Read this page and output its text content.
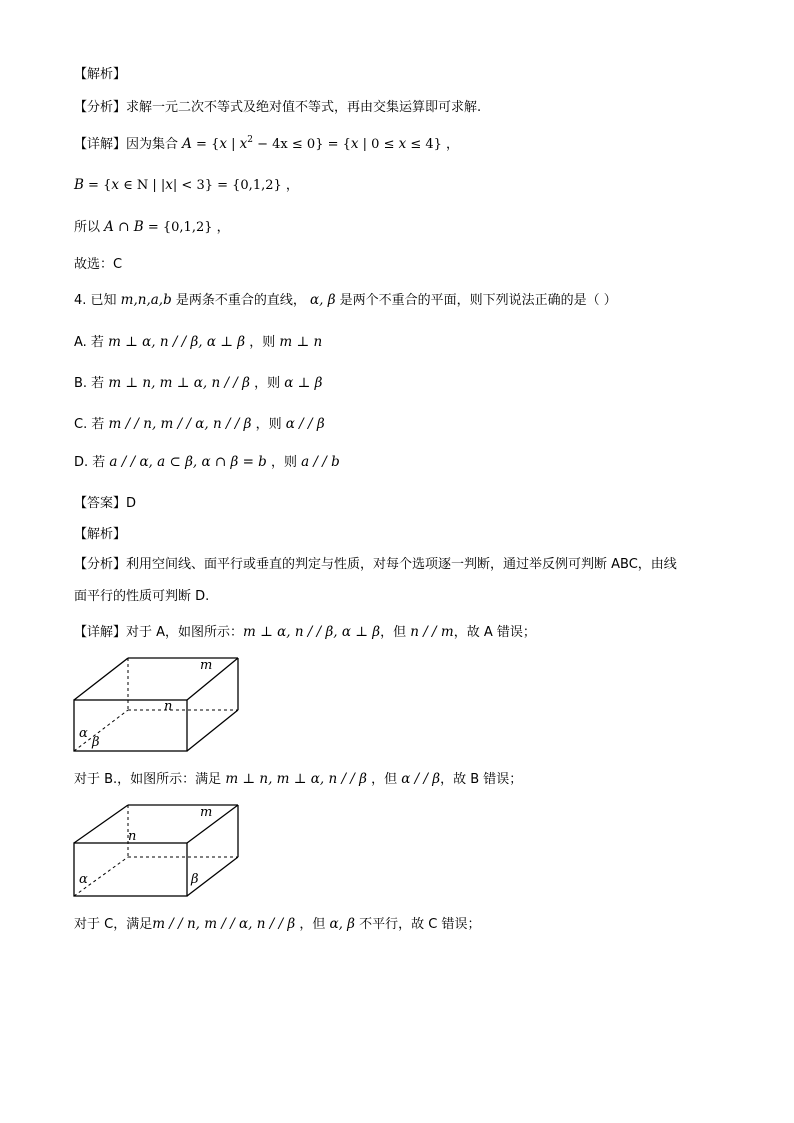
【解析】
【分析】求解一元二次不等式及绝对值不等式，再由交集运算即可求解.
【详解】因为集合 A = {x | $x^2 - 4x \le 0\} = \{x$ | 0 ≤ x ≤ 4} ，
B = {x ∈ N | |x| < 3} = {0,1,2} ，
所以 A ∩ B = {0,1,2} ，
故选：C
4. 已知 m,n,a,b 是两条不重合的直线， α, β 是两个不重合的平面，则下列说法正确的是（ ）
A. 若 m ⊥ α, n / / β, α ⊥ β ，则 m ⊥ n
B. 若 m ⊥ n, m ⊥ α, n / / β ，则 α ⊥ β
C. 若 m / / n, m / / α, n / / β ，则 α / / β
D. 若 a / / α, a ⊂ β, α ∩ β = b ，则 a / / b
【答案】D
【解析】
【分析】利用空间线、面平行或垂直的判定与性质，对每个选项逐一判断，通过举反例可判断 ABC，由线
面平行的性质可判断 D.
【详解】对于 A，如图所示：m ⊥ α, n / / β, α ⊥ β，但 n / / m，故 A 错误；
m
n
α
β
对于 B.，如图所示：满足 m ⊥ n, m ⊥ α, n / / β ，但 α / / β，故 B 错误；
m
n
α	β
对于 C，满足m / / n, m / / α, n / / β ，但 α, β 不平行，故 C 错误；
